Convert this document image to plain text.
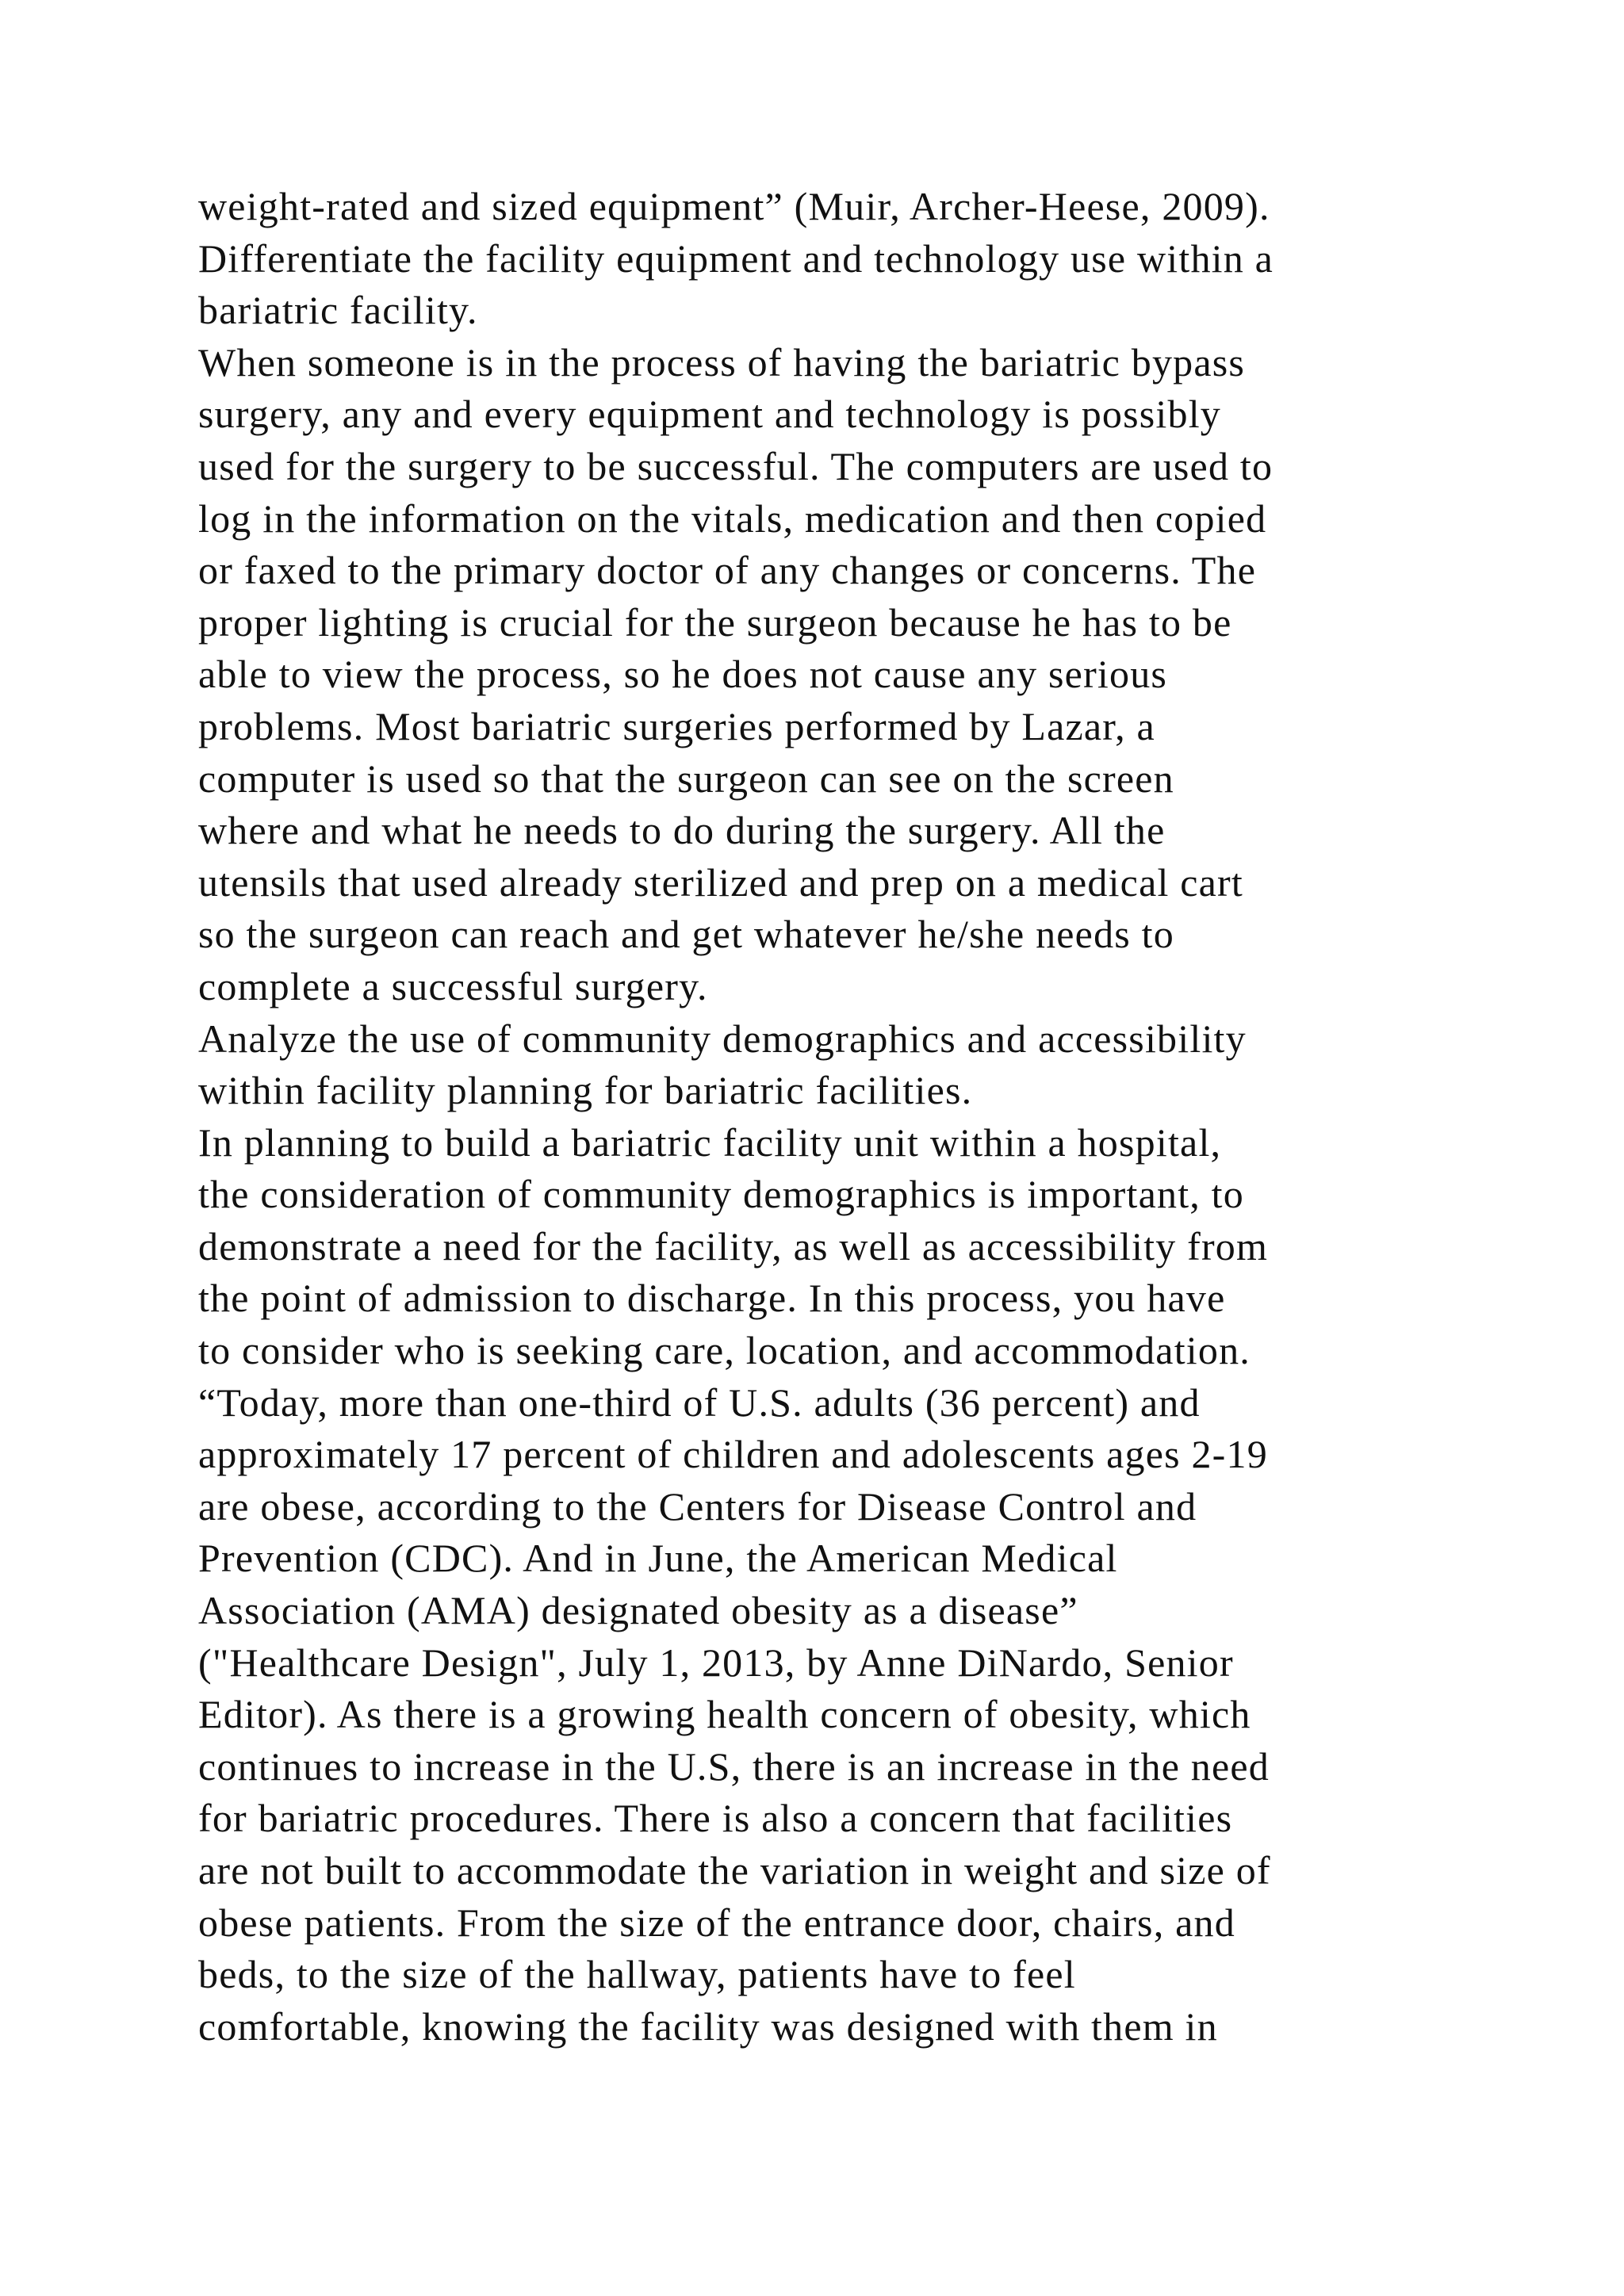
weight-rated and sized equipment” (Muir, Archer-Heese, 2009).
Differentiate the facility equipment and technology use within a
bariatric facility.
When someone is in the process of having the bariatric bypass
surgery, any and every equipment and technology is possibly
used for the surgery to be successful. The computers are used to
log in the information on the vitals, medication and then copied
or faxed to the primary doctor of any changes or concerns. The
proper lighting is crucial for the surgeon because he has to be
able to view the process, so he does not cause any serious
problems. Most bariatric surgeries performed by Lazar, a
computer is used so that the surgeon can see on the screen
where and what he needs to do during the surgery. All the
utensils that used already sterilized and prep on a medical cart
so the surgeon can reach and get whatever he/she needs to
complete a successful surgery.
Analyze the use of community demographics and accessibility
within facility planning for bariatric facilities.
In planning to build a bariatric facility unit within a hospital,
the consideration of community demographics is important, to
demonstrate a need for the facility, as well as accessibility from
the point of admission to discharge. In this process, you have
to consider who is seeking care, location, and accommodation.
“Today, more than one-third of U.S. adults (36 percent) and
approximately 17 percent of children and adolescents ages 2-19
are obese, according to the Centers for Disease Control and
Prevention (CDC). And in June, the American Medical
Association (AMA) designated obesity as a disease”
("Healthcare Design", July 1, 2013, by Anne DiNardo, Senior
Editor). As there is a growing health concern of obesity, which
continues to increase in the U.S, there is an increase in the need
for bariatric procedures. There is also a concern that facilities
are not built to accommodate the variation in weight and size of
obese patients. From the size of the entrance door, chairs, and
beds, to the size of the hallway, patients have to feel
comfortable, knowing the facility was designed with them in
